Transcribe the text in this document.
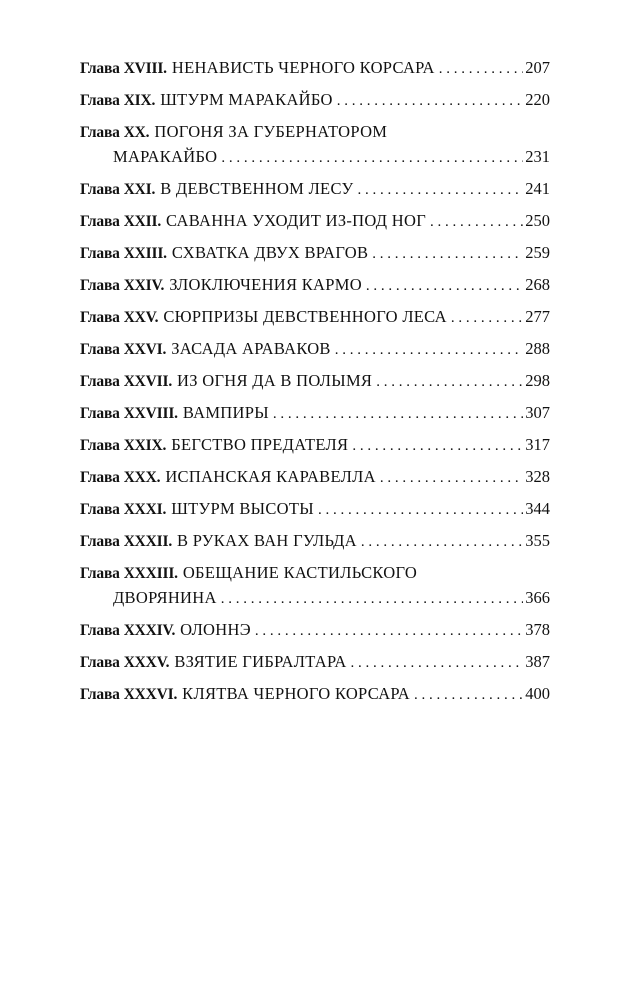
Глава XVIII. НЕНАВИСТЬ ЧЕРНОГО КОРСАРА . . .	207
Глава XIX. ШТУРМ МАРАКАЙБО . . .	220
Глава XX. ПОГОНЯ ЗА ГУБЕРНАТОРОМ
МАРАКАЙБО . . .	231
Глава XXI. В ДЕВСТВЕННОМ ЛЕСУ . . .	241
Глава XXII. САВАННА УХОДИТ ИЗ-ПОД НОГ . . .	250
Глава XXIII. СХВАТКА ДВУХ ВРАГОВ . . .	259
Глава XXIV. ЗЛОКЛЮЧЕНИЯ КАРМО . . .	268
Глава XXV. СЮРПРИЗЫ ДЕВСТВЕННОГО ЛЕСА . . .	277
Глава XXVI. ЗАСАДА АРАВАКОВ . . .	288
Глава XXVII. ИЗ ОГНЯ ДА В ПОЛЫМЯ . . .	298
Глава XXVIII. ВАМПИРЫ . . .	307
Глава XXIX. БЕГСТВО ПРЕДАТЕЛЯ . . .	317
Глава XXX. ИСПАНСКАЯ КАРАВЕЛЛА . . .	328
Глава XXXI. ШТУРМ ВЫСОТЫ . . .	344
Глава XXXII. В РУКАХ ВАН ГУЛЬДА . . .	355
Глава XXXIII. ОБЕЩАНИЕ КАСТИЛЬСКОГО
ДВОРЯНИНА . . .	366
Глава XXXIV. ОЛОННЭ . . .	378
Глава XXXV. ВЗЯТИЕ ГИБРАЛТАРА . . .	387
Глава XXXVI. КЛЯТВА ЧЕРНОГО КОРСАРА . . .	400
